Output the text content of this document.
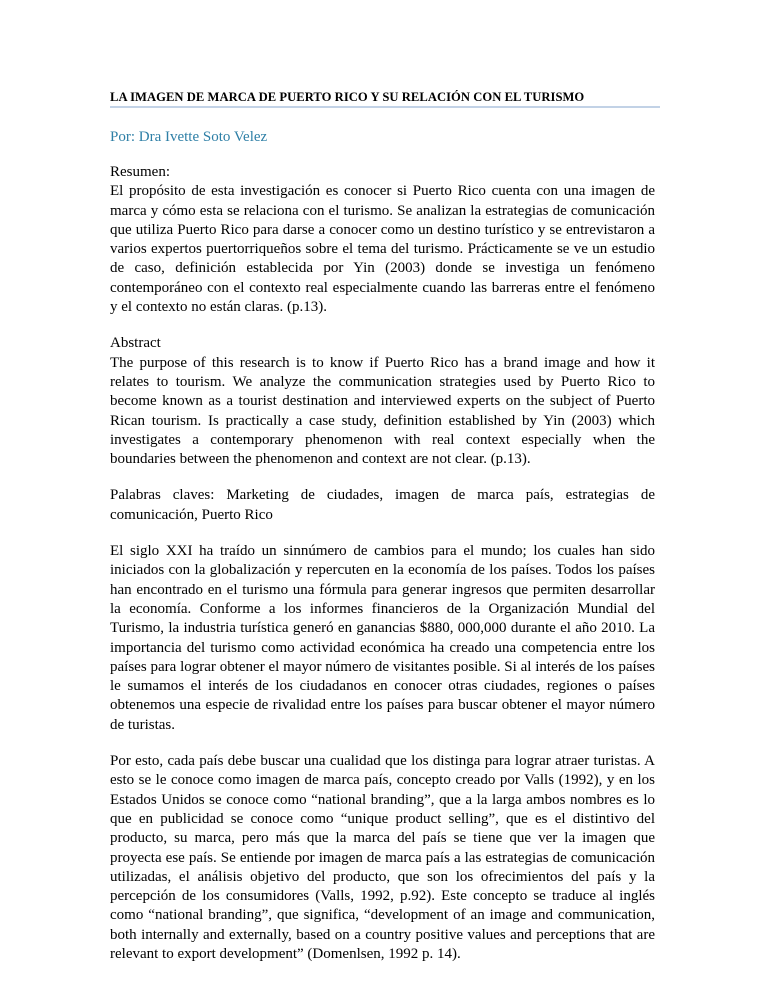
LA IMAGEN DE MARCA DE PUERTO RICO Y SU RELACIÓN CON EL TURISMO
Por: Dra Ivette Soto Velez

Resumen:
El propósito de esta investigación es conocer si Puerto Rico cuenta con una imagen de marca y cómo esta se relaciona con el turismo. Se analizan la estrategias de comunicación que utiliza Puerto Rico para darse a conocer como un destino turístico y se entrevistaron a varios expertos puertorriqueños sobre el tema del turismo. Prácticamente se ve un estudio de caso, definición establecida por Yin (2003) donde se investiga un fenómeno contemporáneo con el contexto real especialmente cuando las barreras entre el fenómeno y el contexto no están claras. (p.13).

Abstract
The purpose of this research is to know if Puerto Rico has a brand image and how it relates to tourism. We analyze the communication strategies used by Puerto Rico to become known as a tourist destination and interviewed experts on the subject of Puerto Rican tourism. Is practically a case study, definition established by Yin (2003) which investigates a contemporary phenomenon with real context especially when the boundaries between the phenomenon and context are not clear. (p.13).

Palabras claves: Marketing de ciudades, imagen de marca país, estrategias de comunicación, Puerto Rico

El siglo XXI ha traído un sinnúmero de cambios para el mundo; los cuales han sido iniciados con la globalización y repercuten en la economía de los países. Todos los países han encontrado en el turismo una fórmula para generar ingresos que permiten desarrollar la economía. Conforme a los informes financieros de la Organización Mundial del Turismo, la industria turística generó en ganancias $880, 000,000 durante el año 2010. La importancia del turismo como actividad económica ha creado una competencia entre los países para lograr obtener el mayor número de visitantes posible. Si al interés de los países le sumamos el interés de los ciudadanos en conocer otras ciudades, regiones o países obtenemos una especie de rivalidad entre los países para buscar obtener el mayor número de turistas.

Por esto, cada país debe buscar una cualidad que los distinga para lograr atraer turistas. A esto se le conoce como imagen de marca país, concepto creado por Valls (1992), y en los Estados Unidos se conoce como “national branding”, que a la larga ambos nombres es lo que en publicidad se conoce como “unique product selling”, que es el distintivo del producto, su marca, pero más que la marca del país se tiene que ver la imagen que proyecta ese país. Se entiende por imagen de marca país a las estrategias de comunicación utilizadas, el análisis objetivo del producto, que son los ofrecimientos del país y la percepción de los consumidores (Valls, 1992, p.92). Este concepto se traduce al inglés como “national branding”, que significa, “development of an image and communication, both internally and externally, based on a country positive values and perceptions that are relevant to export development” (Domenlsen, 1992 p. 14).
